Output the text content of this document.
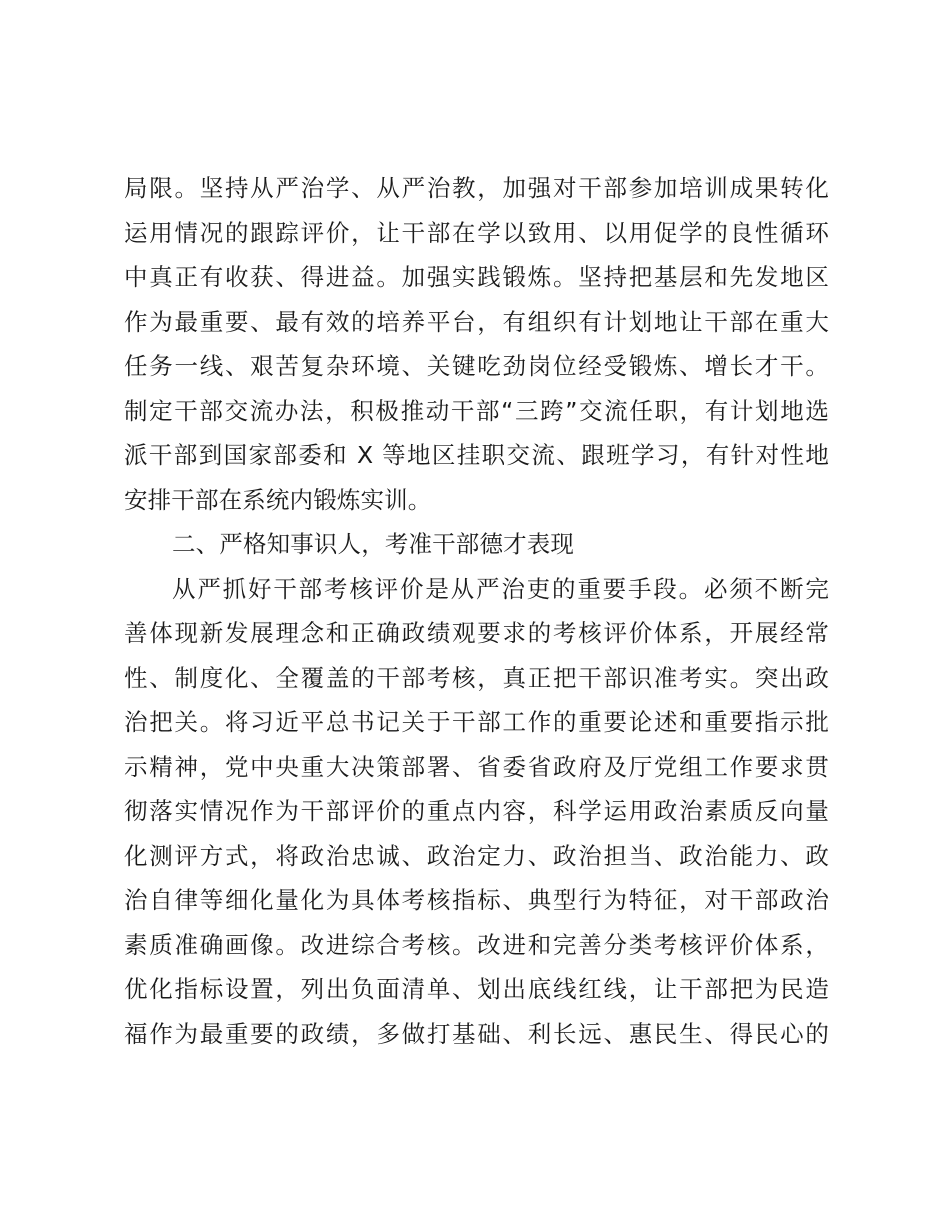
局限。坚持从严治学、从严治教，加强对干部参加培训成果转化
运用情况的跟踪评价，让干部在学以致用、以用促学的良性循环
中真正有收获、得进益。加强实践锻炼。坚持把基层和先发地区
作为最重要、最有效的培养平台，有组织有计划地让干部在重大
任务一线、艰苦复杂环境、关键吃劲岗位经受锻炼、增长才干。
制定干部交流办法，积极推动干部“三跨”交流任职，有计划地选
派干部到国家部委和 X 等地区挂职交流、跟班学习，有针对性地
安排干部在系统内锻炼实训。
二、严格知事识人，考准干部德才表现
从严抓好干部考核评价是从严治吏的重要手段。必须不断完
善体现新发展理念和正确政绩观要求的考核评价体系，开展经常
性、制度化、全覆盖的干部考核，真正把干部识准考实。突出政
治把关。将习近平总书记关于干部工作的重要论述和重要指示批
示精神，党中央重大决策部署、省委省政府及厅党组工作要求贯
彻落实情况作为干部评价的重点内容，科学运用政治素质反向量
化测评方式，将政治忠诚、政治定力、政治担当、政治能力、政
治自律等细化量化为具体考核指标、典型行为特征，对干部政治
素质准确画像。改进综合考核。改进和完善分类考核评价体系，
优化指标设置，列出负面清单、划出底线红线，让干部把为民造
福作为最重要的政绩，多做打基础、利长远、惠民生、得民心的
